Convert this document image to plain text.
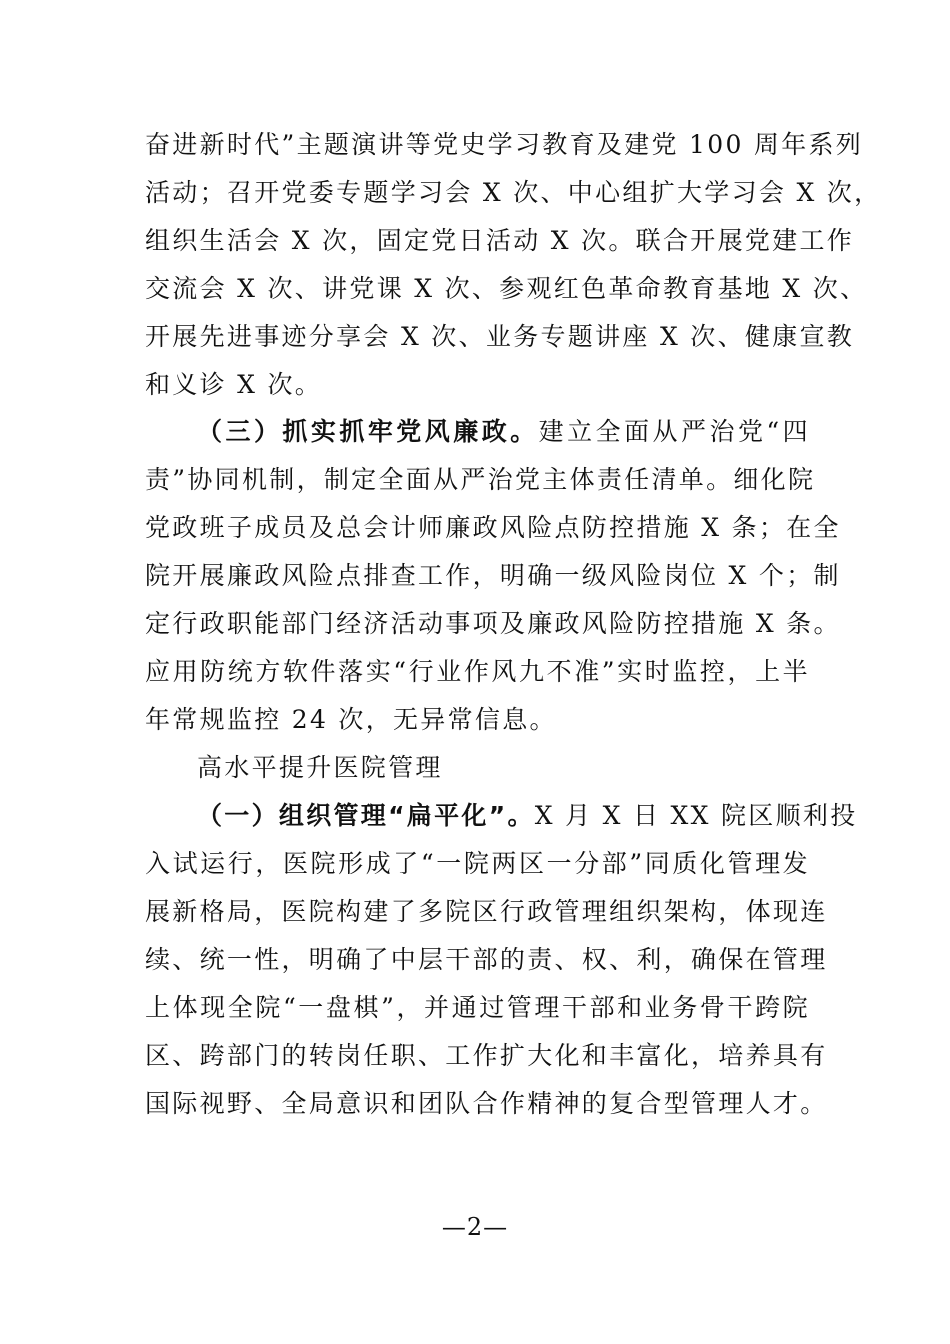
奋进新时代”主题演讲等党史学习教育及建党 100 周年系列
活动；召开党委专题学习会 X 次、中心组扩大学习会 X 次，
组织生活会 X 次，固定党日活动 X 次。联合开展党建工作
交流会 X 次、讲党课 X 次、参观红色革命教育基地 X 次、
开展先进事迹分享会 X 次、业务专题讲座 X 次、健康宣教
和义诊 X 次。
（三）抓实抓牢党风廉政。建立全面从严治党“四
责”协同机制，制定全面从严治党主体责任清单。细化院
党政班子成员及总会计师廉政风险点防控措施 X 条；在全
院开展廉政风险点排查工作，明确一级风险岗位 X 个；制
定行政职能部门经济活动事项及廉政风险防控措施 X 条。
应用防统方软件落实“行业作风九不准”实时监控，上半
年常规监控 24 次，无异常信息。
高水平提升医院管理
（一）组织管理“扁平化”。X 月 X 日 XX 院区顺利投
入试运行，医院形成了“一院两区一分部”同质化管理发
展新格局，医院构建了多院区行政管理组织架构，体现连
续、统一性，明确了中层干部的责、权、利，确保在管理
上体现全院“一盘棋”，并通过管理干部和业务骨干跨院
区、跨部门的转岗任职、工作扩大化和丰富化，培养具有
国际视野、全局意识和团队合作精神的复合型管理人才。
—2—
